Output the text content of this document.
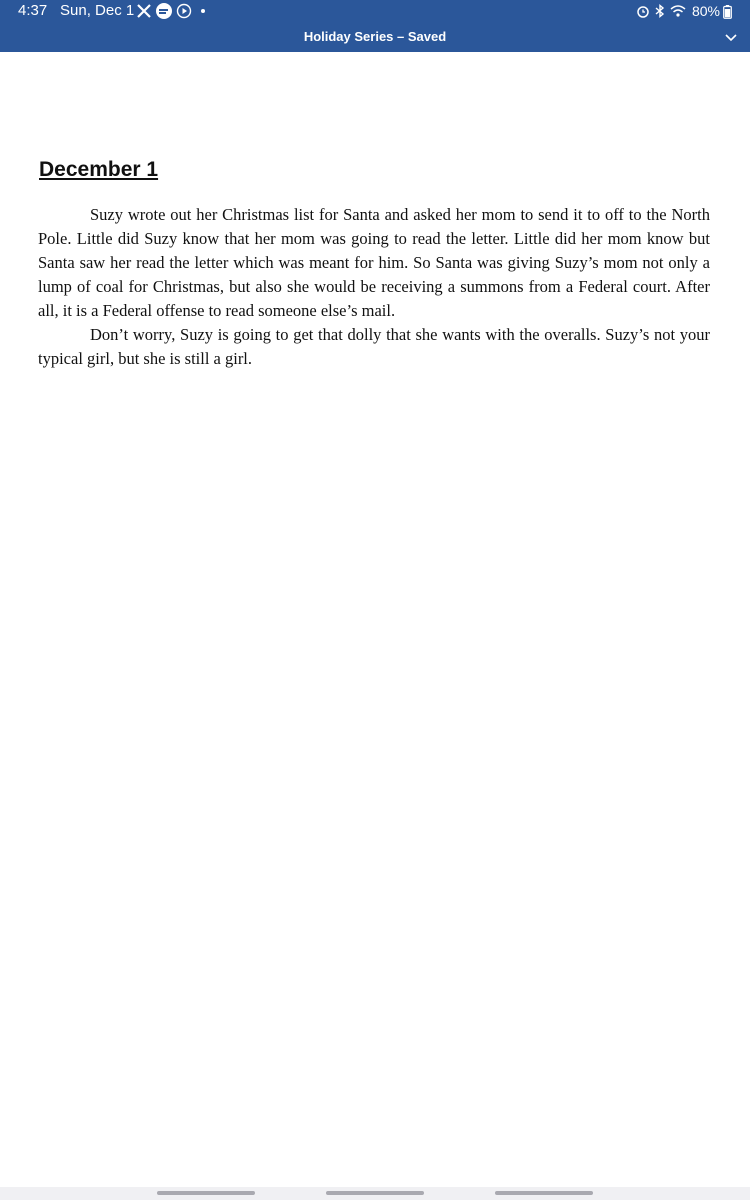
4:37 Sun, Dec 1	80%
Holiday Series – Saved
December 1

Suzy wrote out her Christmas list for Santa and asked her mom to send it to off to the North Pole. Little did Suzy know that her mom was going to read the letter. Little did her mom know but Santa saw her read the letter which was meant for him. So Santa was giving Suzy’s mom not only a lump of coal for Christmas, but also she would be receiving a summons from a Federal court. After all, it is a Federal offense to read someone else’s mail.

Don’t worry, Suzy is going to get that dolly that she wants with the overalls. Suzy’s not your typical girl, but she is still a girl.
